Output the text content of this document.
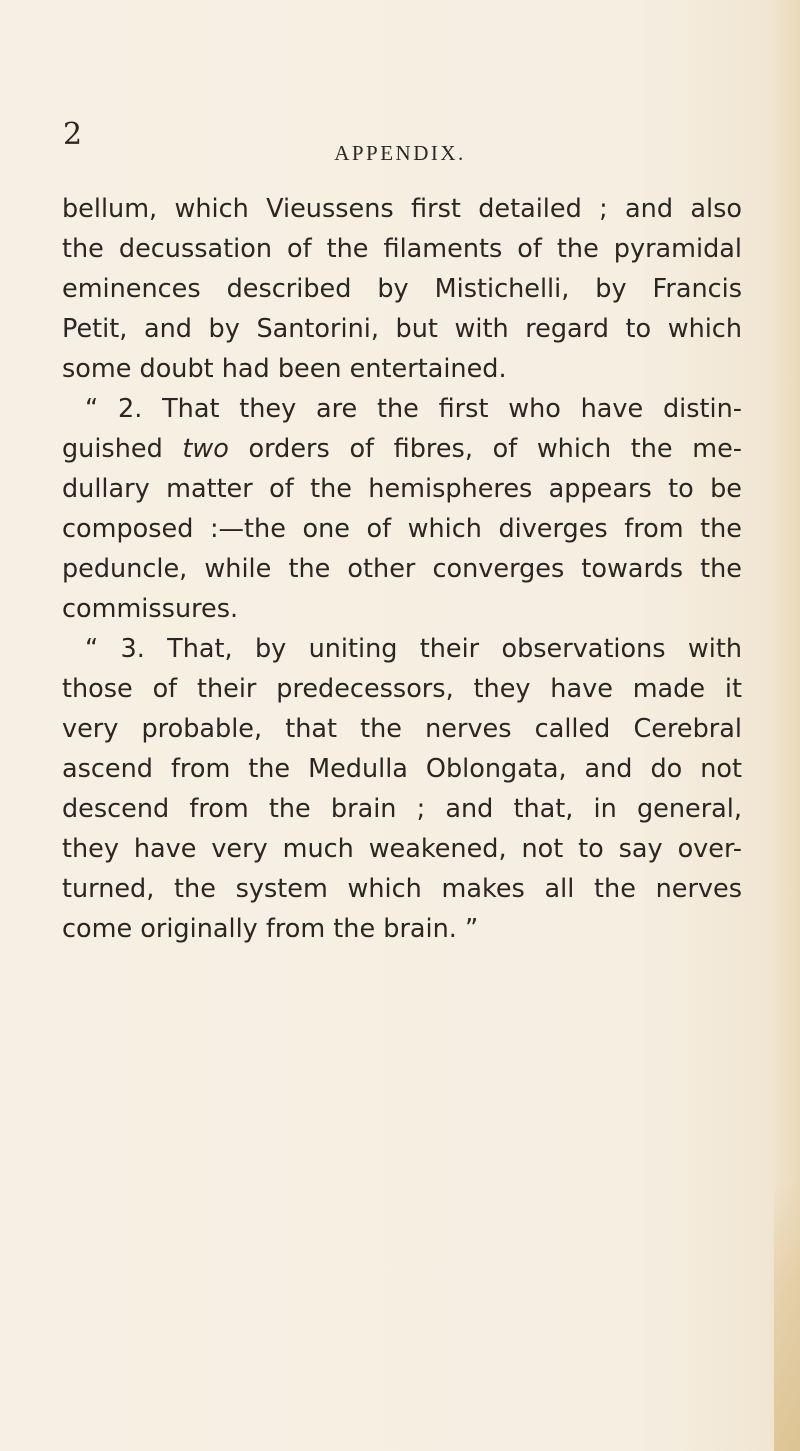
2
APPENDIX.
bellum, which Vieussens first detailed ; and also
the decussation of the filaments of the pyramidal
eminences described by Mistichelli, by Francis
Petit, and by Santorini, but with regard to which
some doubt had been entertained.
“ 2. That they are the first who have distin-
guished two orders of fibres, of which the me-
dullary matter of the hemispheres appears to be
composed :—the one of which diverges from the
peduncle, while the other converges towards the
commissures.
“ 3. That, by uniting their observations with
those of their predecessors, they have made it
very probable, that the nerves called Cerebral
ascend from the Medulla Oblongata, and do not
descend from the brain ; and that, in general,
they have very much weakened, not to say over-
turned, the system which makes all the nerves
come originally from the brain. ”
